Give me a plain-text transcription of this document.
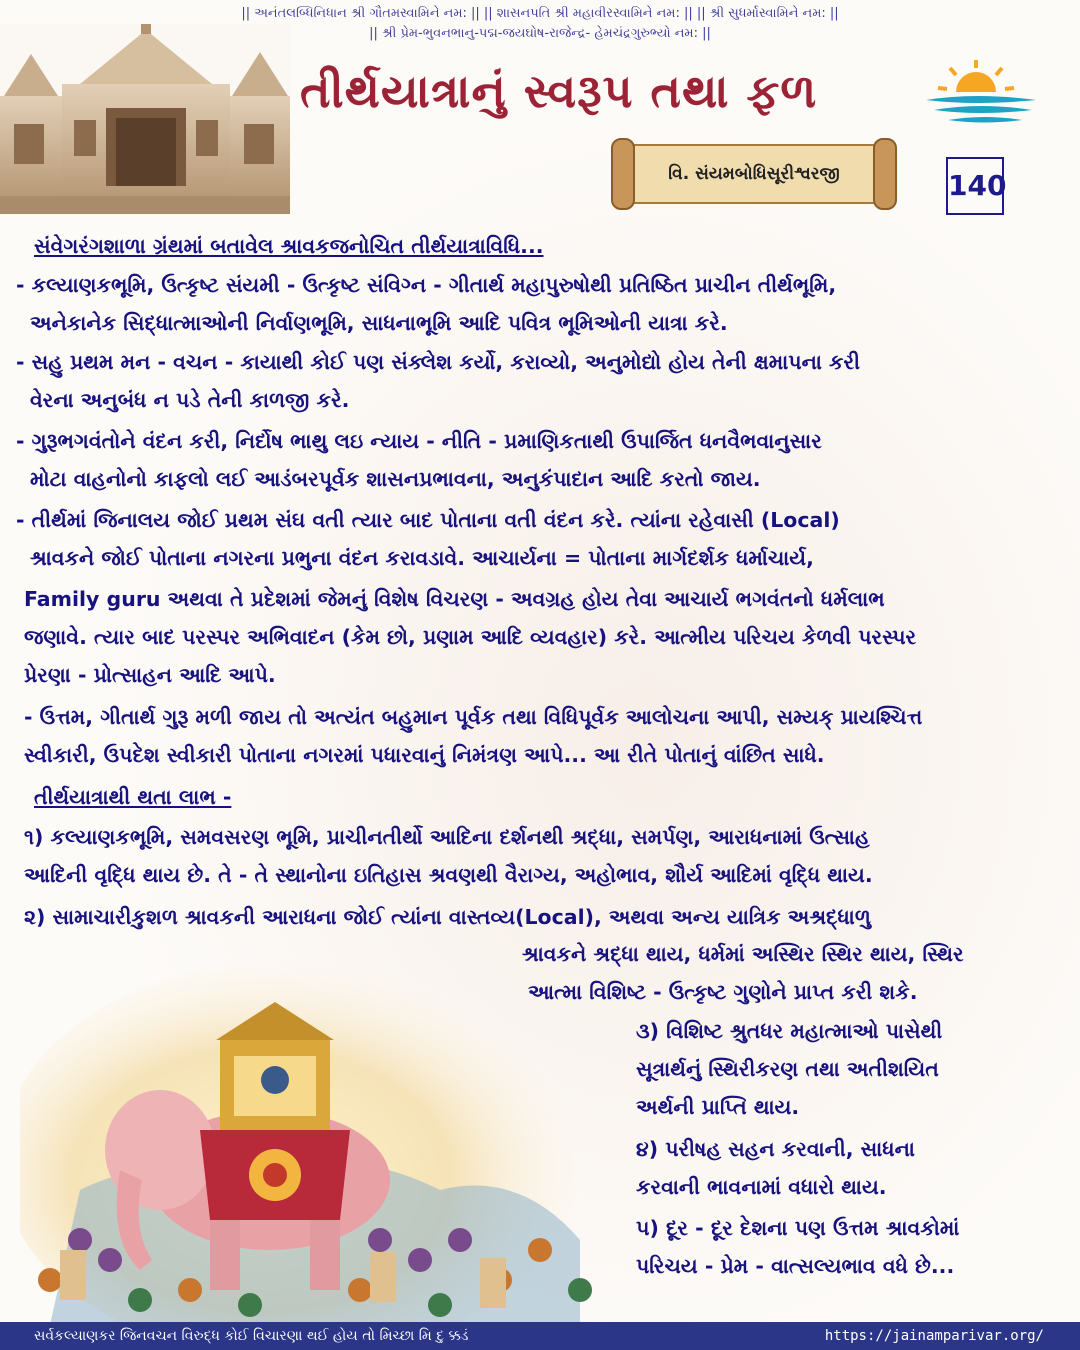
|| અનંતલબ્ધિનિધાન શ્રી ગૌતમસ્વામિને નમ: || || શાસનપતિ શ્રી મહાવીરસ્વામિને નમ: || || શ્રી સુધર્માસ્વામિને નમ: ||
|| શ્રી પ્રેમ-ભુવનભાનુ-પદ્મ-જયઘોષ-રાજેન્દ્ર- હેમચંદ્રગુરુભ્યો નમ: ||
તીર્થયાત્રાનું સ્વરૂપ તથા ફળ
વિ. સંયમબોધિસૂરીશ્વરજી	140
સંવેગરંગશાળા ગ્રંથમાં બતાવેલ શ્રાવકજનોચિત તીર્થયાત્રાવિધિ...
- કલ્યાણકભૂમિ, ઉત્કૃષ્ટ સંયમી - ઉત્કૃષ્ટ સંવિગ્ન - ગીતાર્થ મહાપુરુષોથી પ્રતિષ્ઠિત પ્રાચીન તીર્થભૂમિ,
અનેકાનેક સિદ્ધાત્માઓની નિર્વાણભૂમિ, સાધનાભૂમિ આદિ પવિત્ર ભૂમિઓની યાત્રા કરે.
- સહુ પ્રથમ મન - વચન - કાયાથી કોઈ પણ સંક્લેશ કર્યો, કરાવ્યો, અનુમોદ્યો હોય તેની ક્ષમાપના કરી
વેરના અનુબંધ ન પડે તેની કાળજી કરે.
- ગુરૂભગવંતોને વંદન કરી, નિર્દોષ ભાથુ લઇ ન્યાય - નીતિ - પ્રમાણિકતાથી ઉપાર્જિત ધનવૈભવાનુસાર
મોટા વાહનોનો કાફલો લઈ આડંબરપૂર્વક શાસનપ્રભાવના, અનુકંપાદાન આદિ કરતો જાય.
- તીર્થમાં જિનાલય જોઈ પ્રથમ સંઘ વતી ત્યાર બાદ પોતાના વતી વંદન કરે. ત્યાંના રહેવાસી (Local)
શ્રાવકને જોઈ પોતાના નગરના પ્રભુના વંદન કરાવડાવે. આચાર્યના = પોતાના માર્ગદર્શક ધર્માચાર્ય,
Family guru અથવા તે પ્રદેશમાં જેમનું વિશેષ વિચરણ - અવગ્રહ હોય તેવા આચાર્ય ભગવંતનો ધર્મલાભ
જણાવે. ત્યાર બાદ પરસ્પર અભિવાદન (કેમ છો, પ્રણામ આદિ વ્યવહાર) કરે. આત્મીય પરિચય કેળવી પરસ્પર
પ્રેરણા - પ્રોત્સાહન આદિ આપે.
- ઉત્તમ, ગીતાર્થ ગુરૂ મળી જાય તો અત્યંત બહુમાન પૂર્વક તથા વિધિપૂર્વક આલોચના આપી, સમ્યક્ પ્રાયશ્ચિત્ત
સ્વીકારી, ઉપદેશ સ્વીકારી પોતાના નગરમાં પધારવાનું નિમંત્રણ આપે... આ રીતે પોતાનું વાંછિત સાધે.
તીર્થયાત્રાથી થતા લાભ -
૧) કલ્યાણકભૂમિ, સમવસરણ ભૂમિ, પ્રાચીનતીર્થો આદિના દર્શનથી શ્રદ્ધા, સમર્પણ, આરાધનામાં ઉત્સાહ
આદિની વૃદ્ધિ થાય છે. તે - તે સ્થાનોના ઇતિહાસ શ્રવણથી વૈરાગ્ય, અહોભાવ, શૌર્ય આદિમાં વૃદ્ધિ થાય.
૨) સામાચારીકુશળ શ્રાવકની આરાધના જોઈ ત્યાંના વાસ્તવ્ય(Local), અથવા અન્ય યાત્રિક અશ્રદ્ધાળુ
શ્રાવકને શ્રદ્ધા થાય, ધર્મમાં અસ્થિર સ્થિર થાય, સ્થિર
આત્મા વિશિષ્ટ - ઉત્કૃષ્ટ ગુણોને પ્રાપ્ત કરી શકે.
૩) વિશિષ્ટ શ્રુતધર મહાત્માઓ પાસેથી
સૂત્રાર્થનું સ્થિરીકરણ તથા અતીશયિત
અર્થની પ્રાપ્તિ થાય.
૪) પરીષહ સહન કરવાની, સાધના
કરવાની ભાવનામાં વધારો થાય.
૫) દૂર - દૂર દેશના પણ ઉત્તમ શ્રાવકોમાં
પરિચય - પ્રેમ - વાત્સલ્યભાવ વધે છે...
સર્વકલ્યાણકર જિનવચન વિરુદ્ધ કોઈ વિચારણા થઈ હોય તો મિચ્છા મિ દુ ક્કડં	https://jainamparivar.org/
